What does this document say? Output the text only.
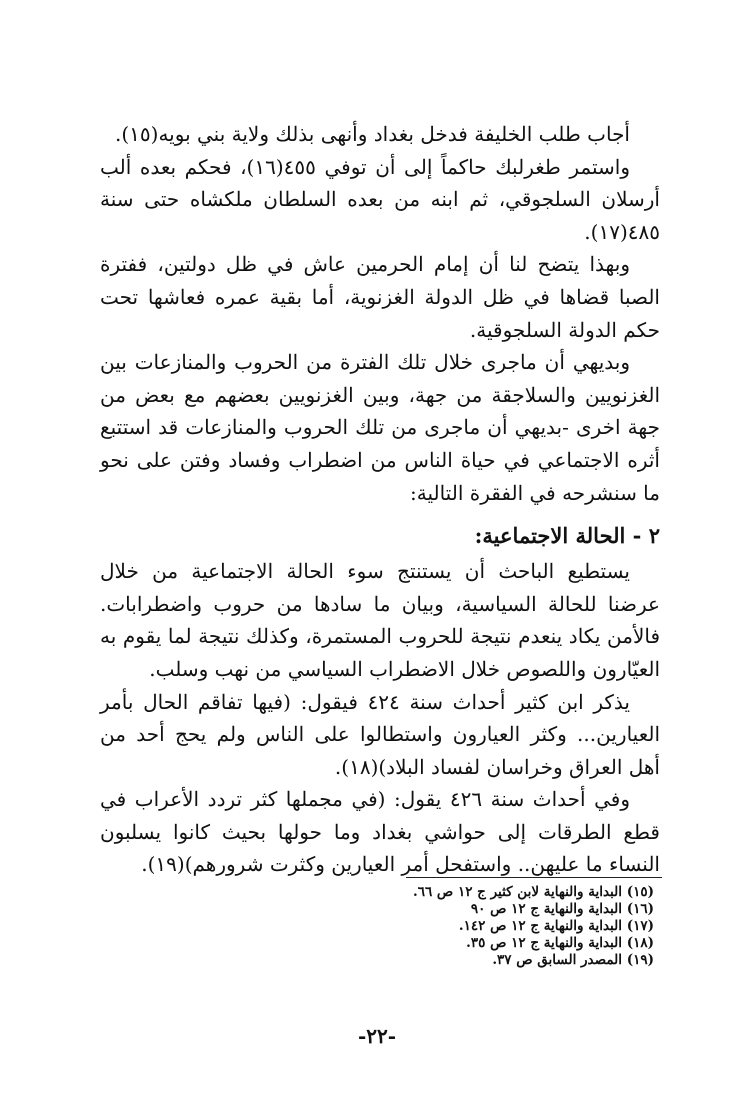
أجاب طلب الخليفة فدخل بغداد وأنهى بذلك ولاية بني بويه(١٥).

واستمر طغرلبك حاكماً إلى أن توفي ٤٥٥(١٦)، فحكم بعده ألب أرسلان السلجوقي، ثم ابنه من بعده السلطان ملكشاه حتى سنة ٤٨٥(١٧).

وبهذا يتضح لنا أن إمام الحرمين عاش في ظل دولتين، ففترة الصبا قضاها في ظل الدولة الغزنوية، أما بقية عمره فعاشها تحت حكم الدولة السلجوقية.

وبديهي أن ماجرى خلال تلك الفترة من الحروب والمنازعات بين الغزنويين والسلاجقة من جهة، وبين الغزنويين بعضهم مع بعض من جهة اخرى -بديهي أن ماجرى من تلك الحروب والمنازعات قد استتبع أثره الاجتماعي في حياة الناس من اضطراب وفساد وفتن على نحو ما سنشرحه في الفقرة التالية:

٢ - الحالة الاجتماعية:

يستطيع الباحث أن يستنتج سوء الحالة الاجتماعية من خلال عرضنا للحالة السياسية، وبيان ما سادها من حروب واضطرابات. فالأمن يكاد ينعدم نتيجة للحروب المستمرة، وكذلك نتيجة لما يقوم به العيّارون واللصوص خلال الاضطراب السياسي من نهب وسلب.

يذكر ابن كثير أحداث سنة ٤٢٤ فيقول: (فيها تفاقم الحال بأمر العيارين... وكثر العيارون واستطالوا على الناس ولم يحج أحد من أهل العراق وخراسان لفساد البلاد)(١٨).

وفي أحداث سنة ٤٢٦ يقول: (في مجملها كثر تردد الأعراب في قطع الطرقات إلى حواشي بغداد وما حولها بحيث كانوا يسلبون النساء ما عليهن.. واستفحل أمر العيارين وكثرت شرورهم)(١٩).

(١٥) البداية والنهاية لابن كثير ج ١٢ ص ٦٦.
(١٦) البداية والنهاية ج ١٢ ص ٩٠
(١٧) البداية والنهاية ج ١٢ ص ١٤٢.
(١٨) البداية والنهاية ج ١٢ ص ٣٥.
(١٩) المصدر السابق ص ٣٧.
-٢٢-
